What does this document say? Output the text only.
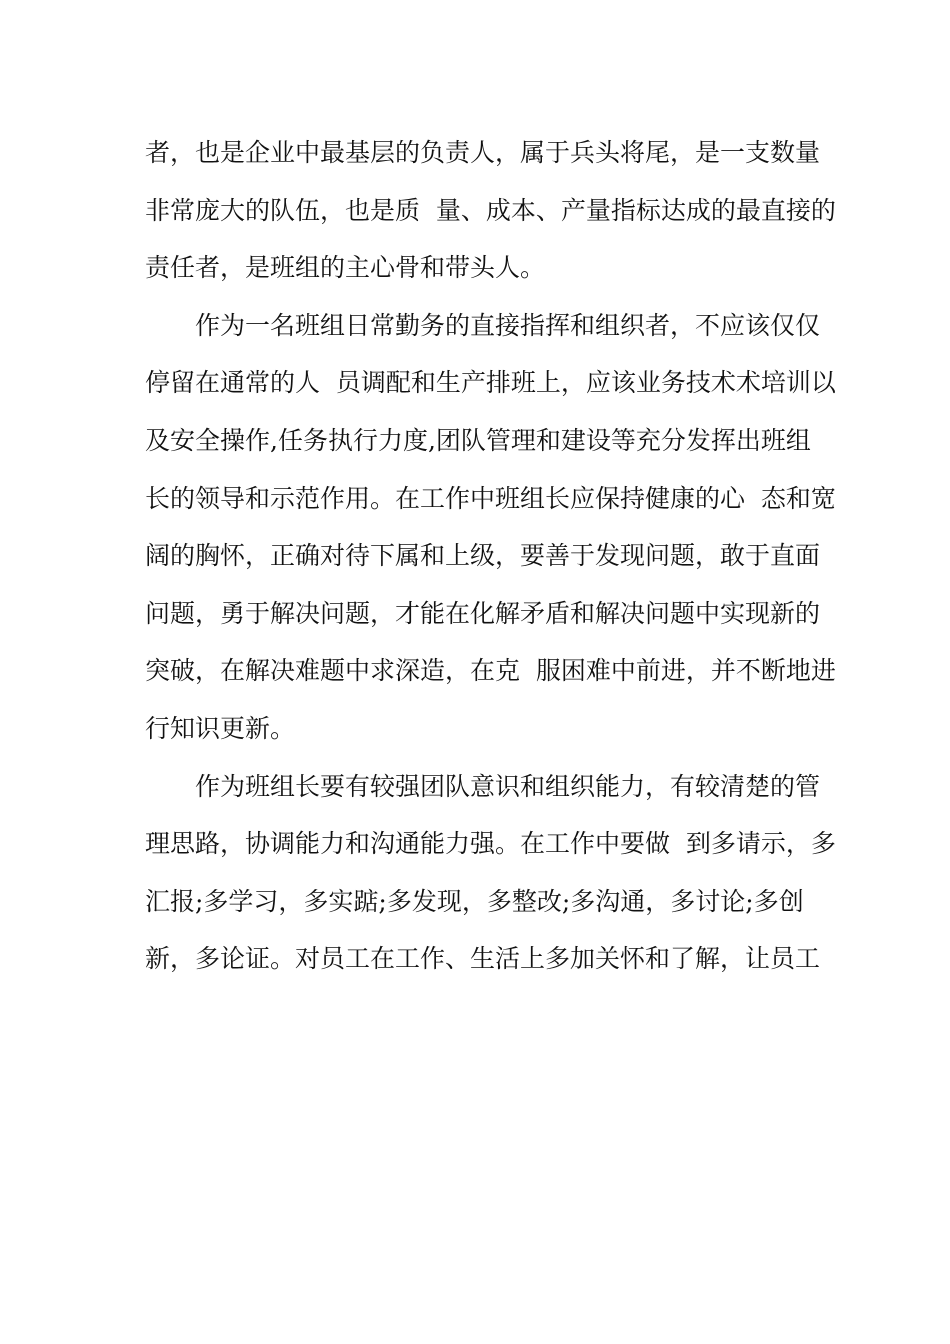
者，也是企业中最基层的负责人，属于兵头将尾，是一支数量
非常庞大的队伍，也是质  量、成本、产量指标达成的最直接的
责任者，是班组的主心骨和带头人。
作为一名班组日常勤务的直接指挥和组织者，不应该仅仅
停留在通常的人  员调配和生产排班上，应该业务技术术培训以
及安全操作,任务执行力度,团队管理和建设等充分发挥出班组
长的领导和示范作用。在工作中班组长应保持健康的心  态和宽
阔的胸怀，正确对待下属和上级，要善于发现问题，敢于直面
问题，勇于解决问题，才能在化解矛盾和解决问题中实现新的
突破，在解决难题中求深造，在克  服困难中前进，并不断地进
行知识更新。
作为班组长要有较强团队意识和组织能力，有较清楚的管
理思路，协调能力和沟通能力强。在工作中要做  到多请示，多
汇报;多学习，多实踮;多发现，多整改;多沟通，多讨论;多创
新，多论证。对员工在工作、生活上多加关怀和了解，让员工
